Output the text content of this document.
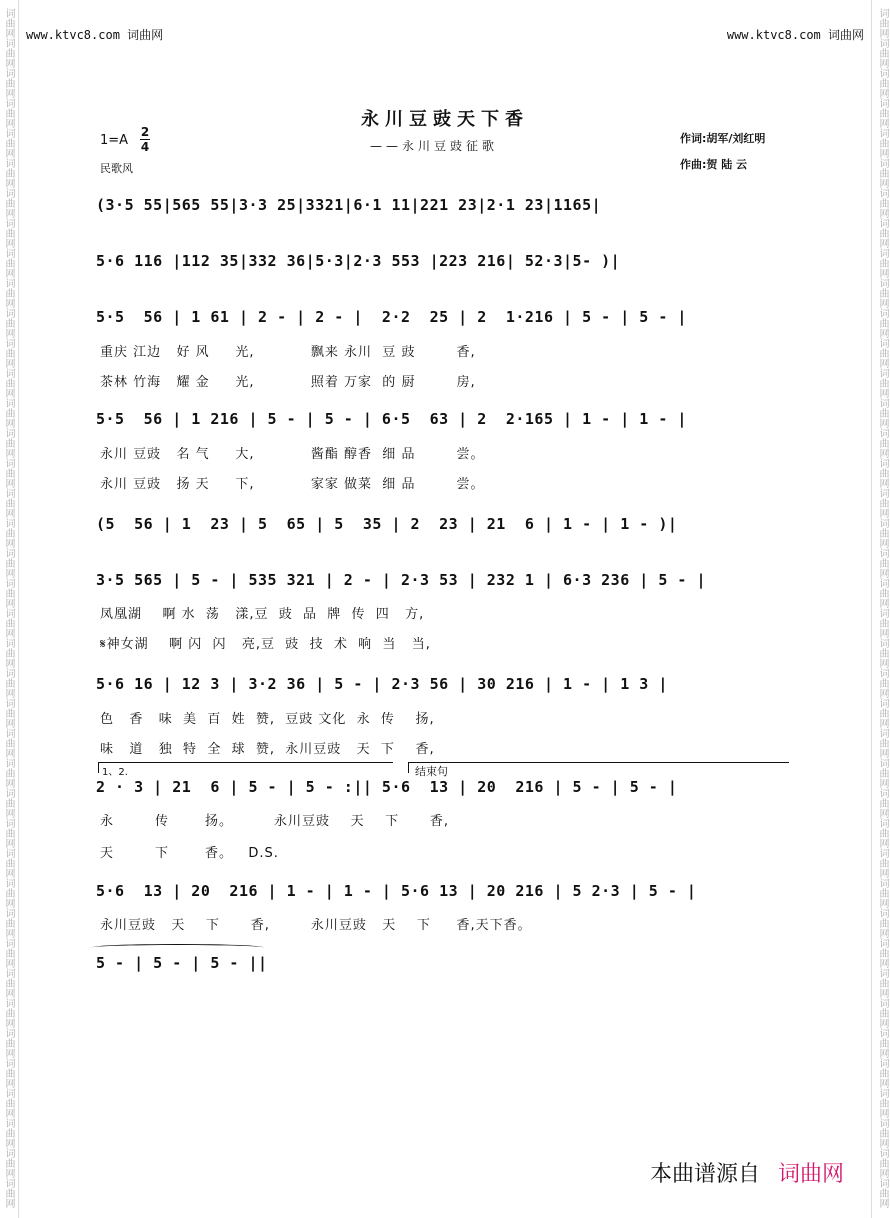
词曲网词曲网词曲网词曲网词曲网词曲网词曲网词曲网词曲网词曲网词曲网词曲网词曲网词曲网词曲网词曲网词曲网词曲网词曲网词曲网词曲网词曲网词曲网词曲网词曲网词曲网词曲网词曲网词曲网词曲网词曲网词曲网词曲网词曲网词曲网词曲网词曲网词曲网词曲网词曲网	词曲网词曲网词曲网词曲网词曲网词曲网词曲网词曲网词曲网词曲网词曲网词曲网词曲网词曲网词曲网词曲网词曲网词曲网词曲网词曲网词曲网词曲网词曲网词曲网词曲网词曲网词曲网词曲网词曲网词曲网词曲网词曲网词曲网词曲网词曲网词曲网词曲网词曲网词曲网词曲网
www.ktvc8.com 词曲网	www.ktvc8.com 词曲网
永川豆豉天下香
——永川豆豉征歌
1=A
2
4
民歌风
作词:胡军/刘红明
作曲:贺 陆 云
(3·5 55|565 55|3·3 25|3321|6·1 11|221 23|2·1 23|1165|
5·6 116 |112 35|332 36|5·3|2·3 553 |223 216| 52·3|5- )|
5·5  56 | 1 61 | 2 - | 2 - |  2·2  25 | 2  1·216 | 5 - | 5 - |
重庆 江边   好 风     光,           飘来 永川  豆 豉        香,
茶林 竹海   耀 金     光,           照着 万家  的 厨        房,
5·5  56 | 1 216 | 5 - | 5 - | 6·5  63 | 2  2·165 | 1 - | 1 - |
永川 豆豉   名 气     大,           酱酯 醇香  细 品        尝。
永川 豆豉   扬 天     下,           家家 做菜  细 品        尝。
(5  56 | 1  23 | 5  65 | 5  35 | 2  23 | 21  6 | 1 - | 1 - )|
3·5 565 | 5 - | 535 321 | 2 - | 2·3 53 | 232 1 | 6·3 236 | 5 - |
凤凰湖    啊 水  荡   漾,豆  豉  品  牌  传  四   方,
𝄋神女湖    啊 闪  闪   亮,豆  豉  技  术  响  当   当,
5·6 16 | 12 3 | 3·2 36 | 5 - | 2·3 56 | 30 216 | 1 - | 1 3 |
色   香   味  美  百  姓  赞,  豆豉 文化  永  传    扬,
味   道   独  特  全  球  赞,  永川豆豉   天  下    香,
1、2.	结束句
2 · 3 | 21  6 | 5 - | 5 - :|| 5·6  13 | 20  216 | 5 - | 5 - |
永        传       扬。        永川豆豉    天    下      香,
天        下       香。   D.S.
5·6  13 | 20  216 | 1 - | 1 - | 5·6 13 | 20 216 | 5 2·3 | 5 - |
永川豆豉   天    下      香,        永川豆豉   天    下     香,天下香。
5 - | 5 - | 5 - ||
本曲谱源自 词曲网
